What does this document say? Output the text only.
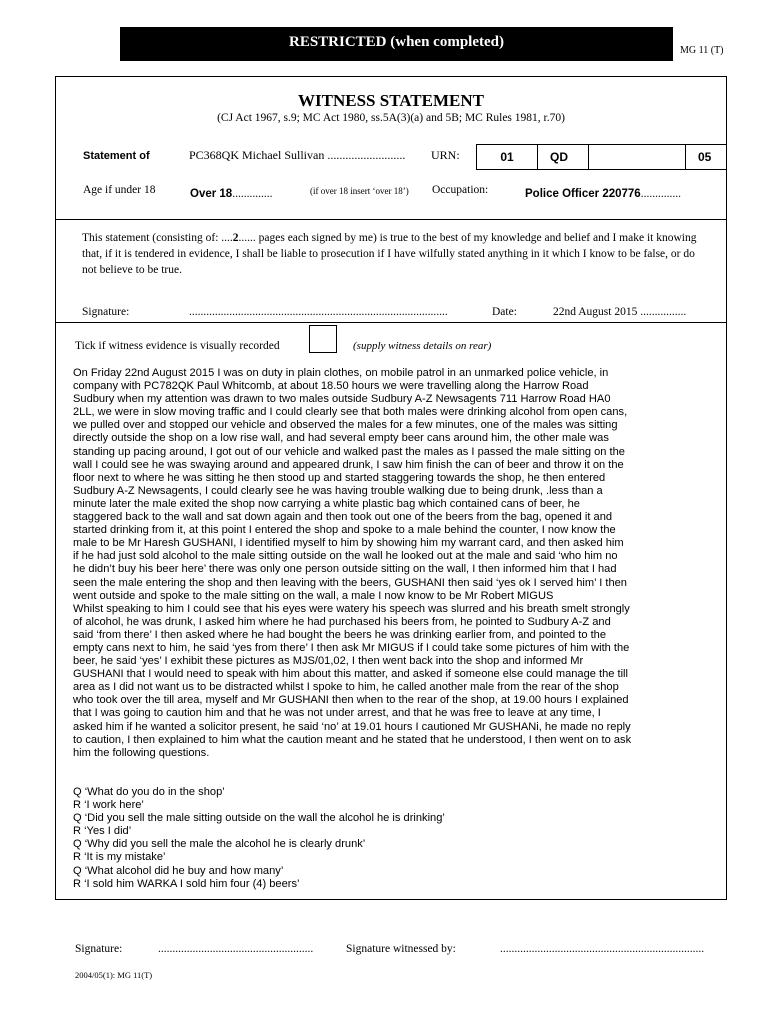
RESTRICTED (when completed)
MG 11 (T)
WITNESS STATEMENT
(CJ Act 1967, s.9; MC Act 1980, ss.5A(3)(a) and 5B; MC Rules 1981, r.70)
Statement of	PC368QK Michael Sullivan .......................... URN:	01	QD	05
Age if under 18	Over 18..............	(if over 18 insert ‘over 18’) Occupation:	Police Officer 220776..............
This statement (consisting of: ....2...... pages each signed by me) is true to the best of my knowledge and belief and I make it knowing that, if it is tendered in evidence, I shall be liable to prosecution if I have wilfully stated anything in it which I know to be false, or do not believe to be true.
Signature:	..........................................................................................	Date:	22nd August 2015 ................
Tick if witness evidence is visually recorded	(supply witness details on rear)
On Friday 22nd August 2015 I was on duty in plain clothes, on mobile patrol in an unmarked police vehicle, in
company with PC782QK Paul Whitcomb, at about 18.50 hours we were travelling along the Harrow Road
Sudbury when my attention was drawn to two males outside Sudbury A-Z Newsagents 711 Harrow Road HA0
2LL, we were in slow moving traffic and I could clearly see that both males were drinking alcohol from open cans,
we pulled over and stopped our vehicle and observed the males for a few minutes, one of the males was sitting
directly outside the shop on a low rise wall, and had several empty beer cans around him, the other male was
standing up pacing around, I got out of our vehicle and walked past the males as I passed the male sitting on the
wall I could see he was swaying around and appeared drunk, I saw him finish the can of beer and throw it on the
floor next to where he was sitting he then stood up and started staggering towards the shop, he then entered
Sudbury A-Z Newsagents, I could clearly see he was having trouble walking due to being drunk, .less than a
minute later the male exited the shop now carrying a white plastic bag which contained cans of beer, he
staggered back to the wall and sat down again and then took out one of the beers from the bag, opened it and
started drinking from it, at this point I entered the shop and spoke to a male behind the counter, I now know the
male to be Mr Haresh GUSHANI, I identified myself to him by showing him my warrant card, and then asked him
if he had just sold alcohol to the male sitting outside on the wall he looked out at the male and said ‘who him no
he didn’t buy his beer here’ there was only one person outside sitting on the wall, I then informed him that I had
seen the male entering the shop and then leaving with the beers, GUSHANI then said ‘yes ok I served him’ I then
went outside and spoke to the male sitting on the wall, a male I now know to be Mr Robert MIGUS
Whilst speaking to him I could see that his eyes were watery his speech was slurred and his breath smelt strongly
of alcohol, he was drunk, I asked him where he had purchased his beers from, he pointed to Sudbury A-Z and
said ‘from there’ I then asked where he had bought the beers he was drinking earlier from, and pointed to the
empty cans next to him, he said ‘yes from there’ I then ask Mr MIGUS if I could take some pictures of him with the
beer, he said ‘yes’ I exhibit these pictures as MJS/01,02, I then went back into the shop and informed Mr
GUSHANI that I would need to speak with him about this matter, and asked if someone else could manage the till
area as I did not want us to be distracted whilst I spoke to him, he called another male from the rear of the shop
who took over the till area, myself and Mr GUSHANI then when to the rear of the shop, at 19.00 hours I explained
that I was going to caution him and that he was not under arrest, and that he was free to leave at any time, I
asked him if he wanted a solicitor present, he said ‘no’ at 19.01 hours I cautioned Mr GUSHANi, he made no reply
to caution, I then explained to him what the caution meant and he stated that he understood, I then went on to ask
him the following questions.
Q ‘What do you do in the shop’
R ‘I work here’
Q ‘Did you sell the male sitting outside on the wall the alcohol he is drinking’
R ‘Yes I did’
Q ‘Why did you sell the male the alcohol he is clearly drunk’
R ‘It is my mistake’
Q ‘What alcohol did he buy and how many’
R ‘I sold him WARKA I sold him four (4) beers’
Signature:	......................................................	Signature witnessed by:	.......................................................................
2004/05(1): MG 11(T)
